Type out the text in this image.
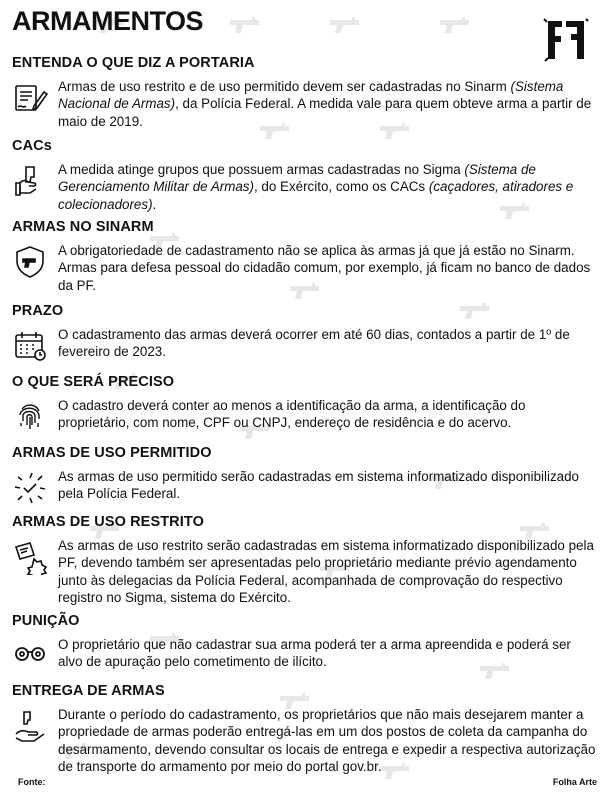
ARMAMENTOS
ENTENDA O QUE DIZ A PORTARIA
Armas de uso restrito e de uso permitido devem ser cadastradas no Sinarm (Sistema Nacional de Armas), da Polícia Federal. A medida vale para quem obteve arma a partir de maio de 2019.
CACs
A medida atinge grupos que possuem armas cadastradas no Sigma (Sistema de Gerenciamento Militar de Armas), do Exército, como os CACs (caçadores, atiradores e colecionadores).
ARMAS NO SINARM
A obrigatoriedade de cadastramento não se aplica às armas já que já estão no Sinarm. Armas para defesa pessoal do cidadão comum, por exemplo, já ficam no banco de dados da PF.
PRAZO
O cadastramento das armas deverá ocorrer em até 60 dias, contados a partir de 1º de fevereiro de 2023.
O QUE SERÁ PRECISO
O cadastro deverá conter ao menos a identificação da arma, a identificação do proprietário, com nome, CPF ou CNPJ, endereço de residência e do acervo.
ARMAS DE USO PERMITIDO
As armas de uso permitido serão cadastradas em sistema informatizado disponibilizado pela Polícia Federal.
ARMAS DE USO RESTRITO
As armas de uso restrito serão cadastradas em sistema informatizado disponibilizado pela PF, devendo também ser apresentadas pelo proprietário mediante prévio agendamento junto às delegacias da Polícia Federal, acompanhada de comprovação do respectivo registro no Sigma, sistema do Exército.
PUNIÇÃO
O proprietário que não cadastrar sua arma poderá ter a arma apreendida e poderá ser alvo de apuração pelo cometimento de ilícito.
ENTREGA DE ARMAS
Durante o período do cadastramento, os proprietários que não mais desejarem manter a propriedade de armas poderão entregá-las em um dos postos de coleta da campanha do desarmamento, devendo consultar os locais de entrega e expedir a respectiva autorização de transporte do armamento por meio do portal gov.br.
Fonte:	Folha Arte
